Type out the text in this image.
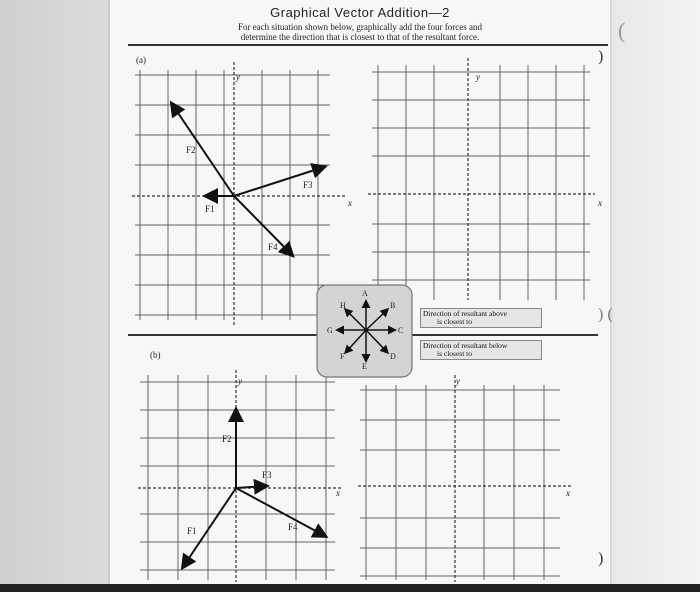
Graphical Vector Addition—2
For each situation shown below, graphically add the four forces and
determine the direction that is closest to that of the resultant force.
(a)
(b)
y
x
F2
F1
F3
F4
y
x
y
x
F2
F1
F3
F4
y
x
A
B
C
D
E
F
G
H
Direction of resultant above
is closest to
Direction of resultant below
is closest to
(
)
) (
)
